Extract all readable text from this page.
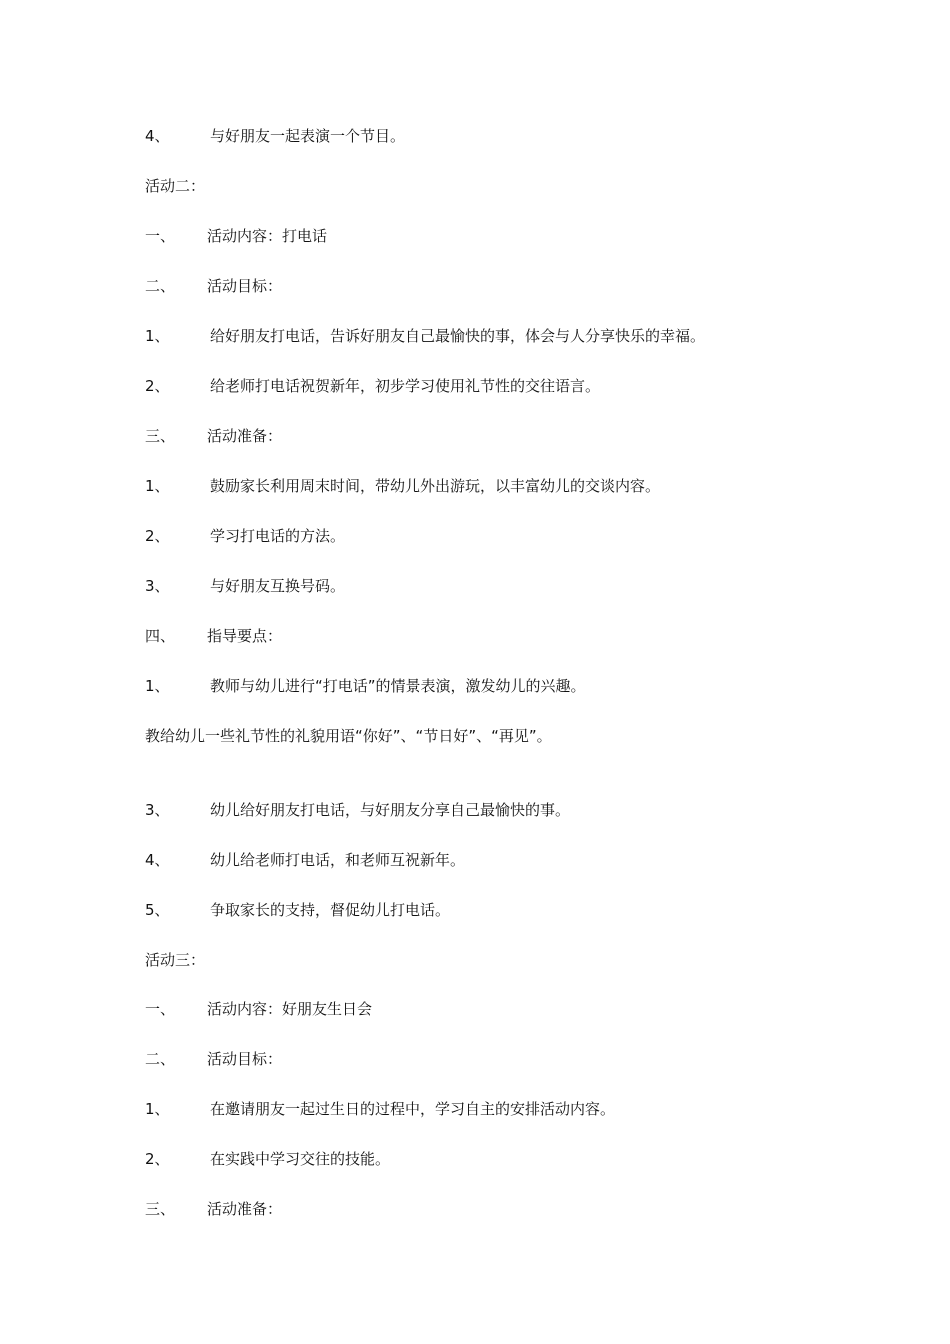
4、	与好朋友一起表演一个节目。
活动二：
一、 活动内容：打电话
二、 活动目标：
1、	给好朋友打电话，告诉好朋友自己最愉快的事，体会与人分享快乐的幸福。
2、	给老师打电话祝贺新年，初步学习使用礼节性的交往语言。
三、 活动准备：
1、	鼓励家长利用周末时间，带幼儿外出游玩，以丰富幼儿的交谈内容。
2、	学习打电话的方法。
3、	与好朋友互换号码。
四、 指导要点：
1、	教师与幼儿进行“打电话”的情景表演，激发幼儿的兴趣。
教给幼儿一些礼节性的礼貌用语“你好”、“节日好”、“再见”。
3、	幼儿给好朋友打电话，与好朋友分享自己最愉快的事。
4、	幼儿给老师打电话，和老师互祝新年。
5、	争取家长的支持，督促幼儿打电话。
活动三：
一、 活动内容：好朋友生日会
二、 活动目标：
1、	在邀请朋友一起过生日的过程中，学习自主的安排活动内容。
2、	在实践中学习交往的技能。
三、 活动准备：
